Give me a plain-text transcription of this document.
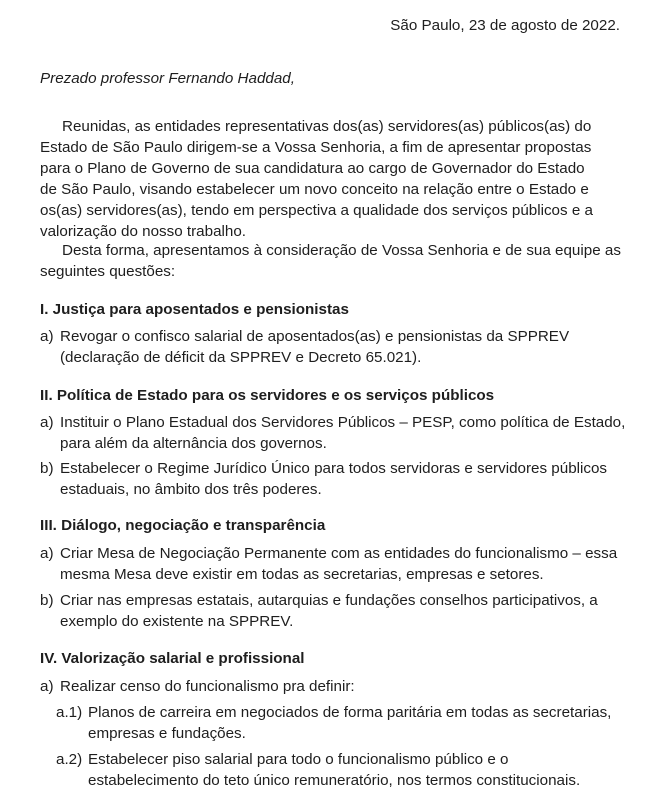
São Paulo, 23 de agosto de 2022.
Prezado professor Fernando Haddad,

Reunidas, as entidades representativas dos(as) servidores(as) públicos(as) do
Estado de São Paulo dirigem-se a Vossa Senhoria, a fim de apresentar propostas
para o Plano de Governo de sua candidatura ao cargo de Governador do Estado
de São Paulo, visando estabelecer um novo conceito na relação entre o Estado e
os(as) servidores(as), tendo em perspectiva a qualidade dos serviços públicos e a
valorização do nosso trabalho.

Desta forma, apresentamos à consideração de Vossa Senhoria e de sua equipe as
seguintes questões:

I. Justiça para aposentados e pensionistas
a) Revogar o confisco salarial de aposentados(as) e pensionistas da SPPREV
(declaração de déficit da SPPREV e Decreto 65.021).
II. Política de Estado para os servidores e os serviços públicos
a) Instituir o Plano Estadual dos Servidores Públicos – PESP, como política de Estado,
para além da alternância dos governos.
b) Estabelecer o Regime Jurídico Único para todos servidoras e servidores públicos
estaduais, no âmbito dos três poderes.
III. Diálogo, negociação e transparência
a) Criar Mesa de Negociação Permanente com as entidades do funcionalismo – essa
mesma Mesa deve existir em todas as secretarias, empresas e setores.
b) Criar nas empresas estatais, autarquias e fundações conselhos participativos, a
exemplo do existente na SPPREV.
IV. Valorização salarial e profissional
a) Realizar censo do funcionalismo pra definir:
a.1) Planos de carreira em negociados de forma paritária em todas as secretarias,
empresas e fundações.
a.2) Estabelecer piso salarial para todo o funcionalismo público e o
estabelecimento do teto único remuneratório, nos termos constitucionais.
